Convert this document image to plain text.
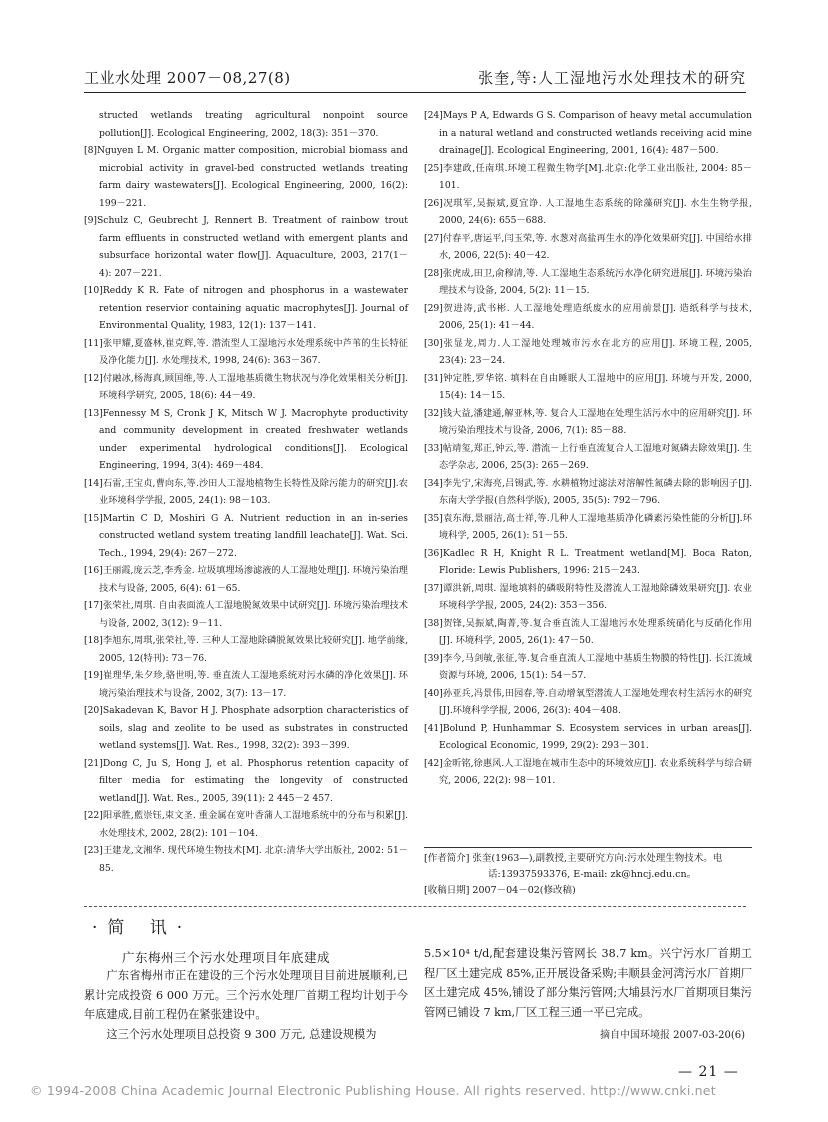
工业水处理 2007－08,27(8)	张奎,等:人工湿地污水处理技术的研究

structed wetlands treating agricultural nonpoint source pollution[J]. Ecological Engineering, 2002, 18(3): 351－370.

[8]Nguyen L M. Organic matter composition, microbial biomass and microbial activity in gravel-bed constructed wetlands treating farm dairy wastewaters[J]. Ecological Engineering, 2000, 16(2): 199－221.

[9]Schulz C, Geubrecht J, Rennert B. Treatment of rainbow trout farm effluents in constructed wetland with emergent plants and subsurface horizontal water flow[J]. Aquaculture, 2003, 217(1－4): 207－221.

[10]Reddy K R. Fate of nitrogen and phosphorus in a wastewater retention reservior containing aquatic macrophytes[J]. Journal of Environmental Quality, 1983, 12(1): 137－141.

[11]张甲耀,夏盛林,崔克辉,等. 潜流型人工湿地污水处理系统中芦苇的生长特征及净化能力[J]. 水处理技术, 1998, 24(6): 363－367.

[12]付融冰,杨海真,顾国维,等.人工湿地基质微生物状况与净化效果相关分析[J].环境科学研究, 2005, 18(6): 44－49.

[13]Fennessy M S, Cronk J K, Mitsch W J. Macrophyte productivity and community development in created freshwater wetlands under experimental hydrological conditions[J]. Ecological Engineering, 1994, 3(4): 469－484.

[14]石雷,王宝贞,曹向东,等.沙田人工湿地植物生长特性及除污能力的研究[J].农业环境科学学报, 2005, 24(1): 98－103.

[15]Martin C D, Moshiri G A. Nutrient reduction in an in-series constructed wetland system treating landfill leachate[J]. Wat. Sci. Tech., 1994, 29(4): 267－272.

[16]王丽霞,庞云芝,李秀金. 垃圾填埋场渗滤液的人工湿地处理[J]. 环境污染治理技术与设备, 2005, 6(4): 61－65.

[17]张荣社,周琪. 自由表面流人工湿地脱氮效果中试研究[J]. 环境污染治理技术与设备, 2002, 3(12): 9－11.

[18]李旭东,周琪,张荣社,等. 三种人工湿地除磷脱氮效果比较研究[J]. 地学前缘, 2005, 12(特刊): 73－76.

[19]崔理华,朱夕珍,骆世明,等. 垂直流人工湿地系统对污水磷的净化效果[J]. 环境污染治理技术与设备, 2002, 3(7): 13－17.

[20]Sakadevan K, Bavor H J. Phosphate adsorption characteristics of soils, slag and zeolite to be used as substrates in constructed wetland systems[J]. Wat. Res., 1998, 32(2): 393－399.

[21]Dong C, Ju S, Hong J, et al. Phosphorus retention capacity of filter media for estimating the longevity of constructed wetland[J]. Wat. Res., 2005, 39(11): 2 445－2 457.

[22]阳承胜,藍崇钰,束文圣. 重金属在宽叶香蒲人工湿地系统中的分布与积累[J].水处理技术, 2002, 28(2): 101－104.

[23]王建龙,文湘华. 现代环境生物技术[M]. 北京:清华大学出版社, 2002: 51－85.

[24]Mays P A, Edwards G S. Comparison of heavy metal accumulation in a natural wetland and constructed wetlands receiving acid mine drainage[J]. Ecological Engineering, 2001, 16(4): 487－500.

[25]李建政,任南琪.环境工程微生物学[M].北京:化学工业出版社, 2004: 85－101.

[26]况琪军,吴振斌,夏宜诤. 人工湿地生态系统的除藻研究[J]. 水生生物学报, 2000, 24(6): 655－688.

[27]付春平,唐运平,闫玉荣,等. 水葱对高盐再生水的净化效果研究[J]. 中国给水排水, 2006, 22(5): 40－42.

[28]张虎成,田卫,俞穆清,等. 人工湿地生态系统污水净化研究进展[J]. 环境污染治理技术与设备, 2004, 5(2): 11－15.

[29]贺进涛,武书彬. 人工湿地处理造纸废水的应用前景[J]. 造纸科学与技术, 2006, 25(1): 41－44.

[30]张显龙,周力.人工湿地处理城市污水在北方的应用[J]. 环境工程, 2005, 23(4): 23－24.

[31]钟定胜,罗华铭. 填料在自由睡眠人工湿地中的应用[J]. 环境与开发, 2000, 15(4): 14－15.

[32]钱大益,潘建通,解亚林,等. 复合人工湿地在处理生活污水中的应用研究[J]. 环境污染治理技术与设备, 2006, 7(1): 85－88.

[33]帖靖玺,郑正,钟云,等. 潜流－上行垂直流复合人工湿地对氮磷去除效果[J]. 生态学杂志, 2006, 25(3): 265－269.

[34]李先宁,宋海亮,吕锡武,等. 水耕植物过滤法对溶解性氮磷去除的影响因子[J]. 东南大学学报(自然科学版), 2005, 35(5): 792－796.

[35]袁东海,景丽洁,高士祥,等.几种人工湿地基质净化磷素污染性能的分析[J].环境科学, 2005, 26(1): 51－55.

[36]Kadlec R H, Knight R L. Treatment wetland[M]. Boca Raton, Floride: Lewis Publishers, 1996: 215－243.

[37]谭洪新,周琪. 湿地填料的磷吸附特性及潜流人工湿地除磷效果研究[J]. 农业环境科学学报, 2005, 24(2): 353－356.

[38]贺锋,吴振斌,陶菁,等.复合垂直流人工湿地污水处理系统硝化与反硝化作用[J]. 环境科学, 2005, 26(1): 47－50.

[39]李今,马剑敏,张征,等.复合垂直流人工湿地中基质生物膜的特性[J]. 长江流域资源与环境, 2006, 15(1): 54－57.

[40]孙亚兵,冯景伟,田园春,等.自动增氧型潜流人工湿地处理农村生活污水的研究[J].环境科学学报, 2006, 26(3): 404－408.

[41]Bolund P, Hunhammar S. Ecosystem services in urban areas[J]. Ecological Economic, 1999, 29(2): 293－301.

[42]金昕铭,徐惠风.人工湿地在城市生态中的环境效应[J]. 农业系统科学与综合研究, 2006, 22(2): 98－101.

[作者简介] 张奎(1963—),副教授,主要研究方向:污水处理生物技术。电话:13937593376, E-mail: zk@hncj.edu.cn。
[收稿日期] 2007－04－02(修改稿)
·简 讯·
广东梅州三个污水处理项目年底建成
广东省梅州市正在建设的三个污水处理项目目前进展顺利,已累计完成投资 6 000 万元。三个污水处理厂首期工程均计划于今年底建成,目前工程仍在紧张建设中。
这三个污水处理项目总投资 9 300 万元, 总建设规模为
5.5×10⁴ t/d,配套建设集污管网长 38.7 km。兴宁污水厂首期工程厂区土建完成 85%,正开展设备采购;丰顺县金河湾污水厂首期厂区土建完成 45%,铺设了部分集污管网;大埔县污水厂首期项目集污管网已铺设 7 km,厂区工程三通一平已完成。
摘自中国环境报 2007-03-20(6)
— 21 —
© 1994-2008 China Academic Journal Electronic Publishing House. All rights reserved. http://www.cnki.net
